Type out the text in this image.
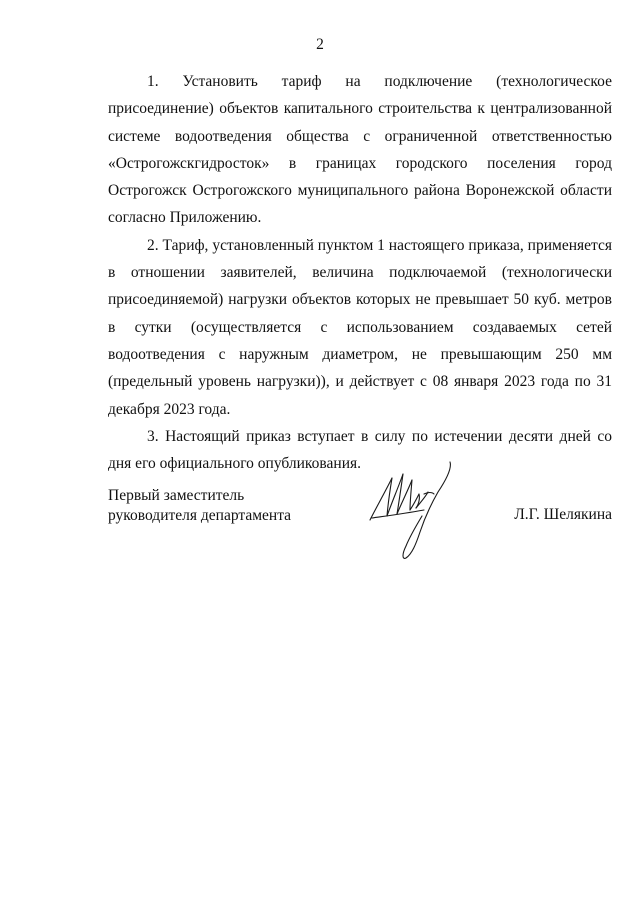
2

1. Установить тариф на подключение (технологическое присоединение) объектов капитального строительства к централизованной системе водоотведения общества с ограниченной ответственностью «Острогожскгидросток» в границах городского поселения город Острогожск Острогожского муниципального района Воронежской области согласно Приложению.

2. Тариф, установленный пунктом 1 настоящего приказа, применяется в отношении заявителей, величина подключаемой (технологически присоединяемой) нагрузки объектов которых не превышает 50 куб. метров в сутки (осуществляется с использованием создаваемых сетей водоотведения с наружным диаметром, не превышающим 250 мм (предельный уровень нагрузки)), и действует с 08 января 2023 года по 31 декабря 2023 года.

3. Настоящий приказ вступает в силу по истечении десяти дней со дня его официального опубликования.

Первый заместитель
руководителя департамента	Л.Г. Шелякина
